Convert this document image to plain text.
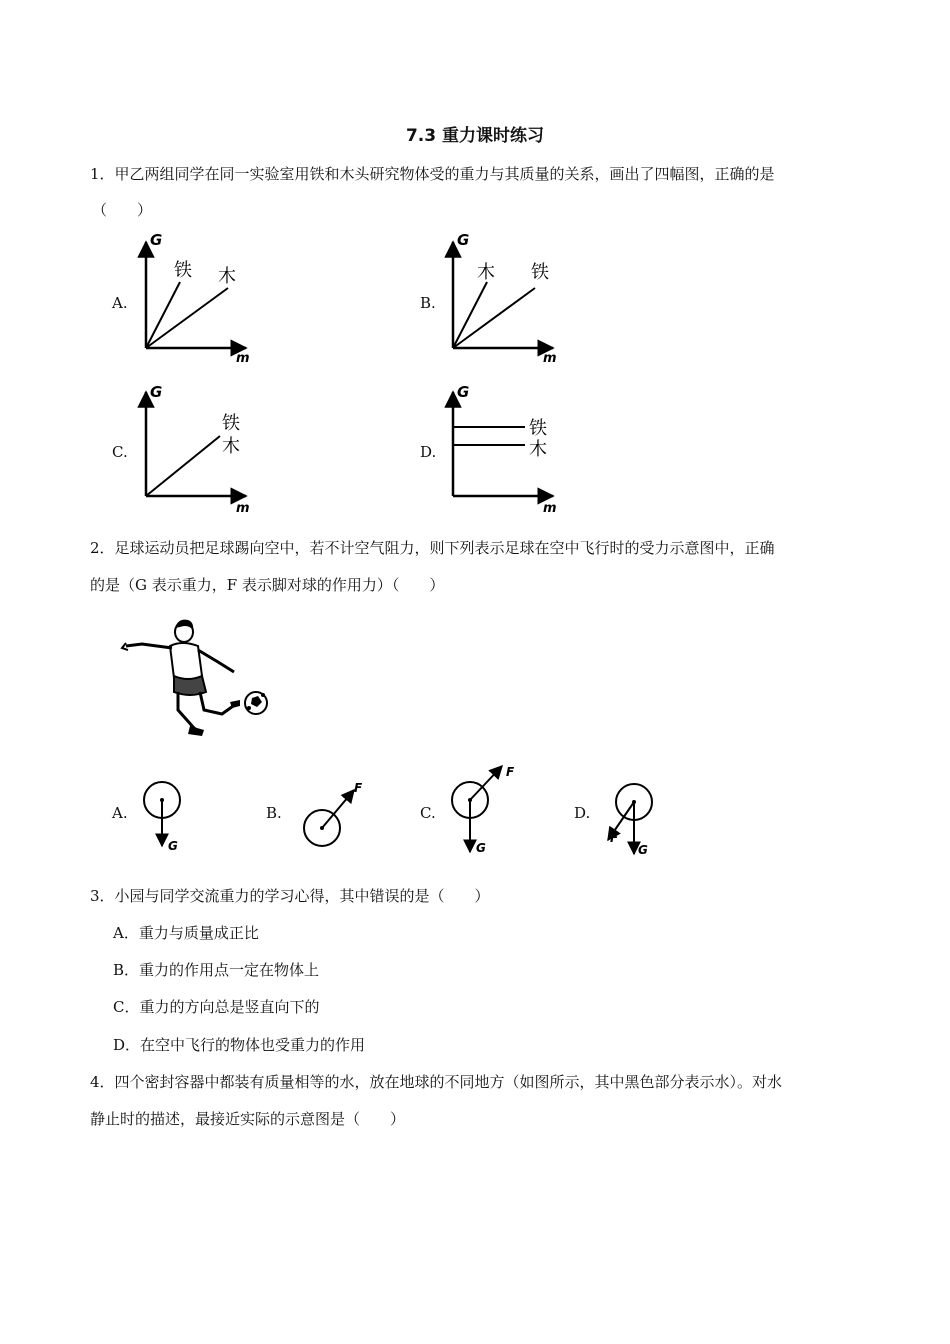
7.3 重力课时练习
1．甲乙两组同学在同一实验室用铁和木头研究物体受的重力与其质量的关系，画出了四幅图，正确的是
（　　）
A.
G
m
铁 木
B.
G
m
木 铁
C.
G
m
铁
木	D.
G
m
铁
木
2．足球运动员把足球踢向空中，若不计空气阻力，则下列表示足球在空中飞行时的受力示意图中，正确
的是（G 表示重力，F 表示脚对球的作用力）（　　）
A.
G
B.
F
C.
F
G
D.
F
G
3．小园与同学交流重力的学习心得，其中错误的是（　　）
A．重力与质量成正比
B．重力的作用点一定在物体上
C．重力的方向总是竖直向下的
D．在空中飞行的物体也受重力的作用
4．四个密封容器中都装有质量相等的水，放在地球的不同地方（如图所示，其中黑色部分表示水）。对水
静止时的描述，最接近实际的示意图是（　　）
